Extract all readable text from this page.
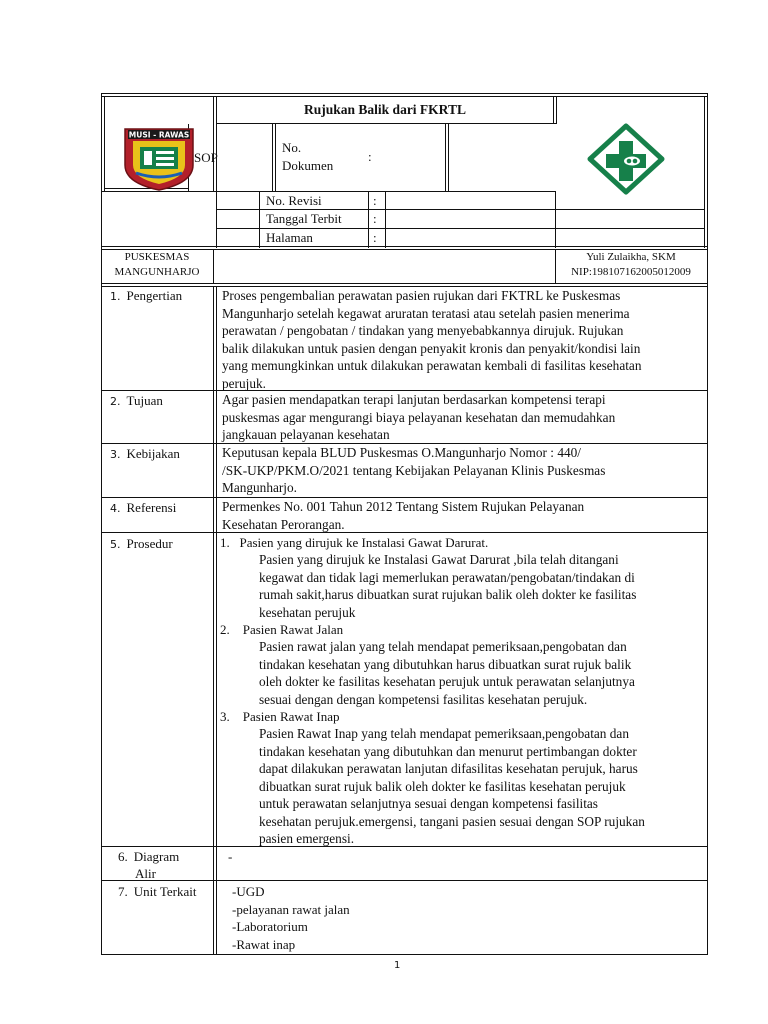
MUSI - RAWAS
Rujukan Balik dari FKRTL
SOP
No.
Dokumen
:
No. Revisi	:
Tanggal Terbit :
Halaman	:
PUSKESMAS
MANGUNHARJO
Yuli Zulaikha, SKM
NIP:198107162005012009
1. Pengertian
2. Tujuan
3. Kebijakan
4. Referensi
5. Prosedur
6. Diagram
Alir
7. Unit Terkait
Proses pengembalian perawatan pasien rujukan dari FKTRL ke Puskesmas
Mangunharjo setelah kegawat aruratan teratasi atau setelah pasien menerima
perawatan / pengobatan / tindakan yang menyebabkannya dirujuk. Rujukan
balik dilakukan untuk pasien dengan penyakit kronis dan penyakit/kondisi lain
yang memungkinkan untuk dilakukan perawatan kembali di fasilitas kesehatan
perujuk.
Agar pasien mendapatkan terapi lanjutan berdasarkan kompetensi terapi
puskesmas agar mengurangi biaya pelayanan kesehatan dan memudahkan
jangkauan pelayanan kesehatan
Keputusan kepala BLUD Puskesmas O.Mangunharjo Nomor : 440/
/SK-UKP/PKM.O/2021 tentang Kebijakan Pelayanan Klinis Puskesmas
Mangunharjo.
Permenkes No. 001 Tahun 2012 Tentang Sistem Rujukan Pelayanan
Kesehatan Perorangan.
1.   Pasien yang dirujuk ke Instalasi Gawat Darurat.
Pasien yang dirujuk ke Instalasi Gawat Darurat ,bila telah ditangani
kegawat dan tidak lagi memerlukan perawatan/pengobatan/tindakan di
rumah sakit,harus dibuatkan surat rujukan balik oleh dokter ke fasilitas
kesehatan perujuk
2.    Pasien Rawat Jalan
Pasien rawat jalan yang telah mendapat pemeriksaan,pengobatan dan
tindakan kesehatan yang dibutuhkan harus dibuatkan surat rujuk balik
oleh dokter ke fasilitas kesehatan perujuk untuk perawatan selanjutnya
sesuai dengan dengan kompetensi fasilitas kesehatan perujuk.
3.    Pasien Rawat Inap
Pasien Rawat Inap yang telah mendapat pemeriksaan,pengobatan dan
tindakan kesehatan yang dibutuhkan dan menurut pertimbangan dokter
dapat dilakukan perawatan lanjutan difasilitas kesehatan perujuk, harus
dibuatkan surat rujuk balik oleh dokter ke fasilitas kesehatan perujuk
untuk perawatan selanjutnya sesuai dengan kompetensi fasilitas
kesehatan perujuk.emergensi, tangani pasien sesuai dengan SOP rujukan
pasien emergensi.
-
-UGD
-pelayanan rawat jalan
-Laboratorium
-Rawat inap
1
